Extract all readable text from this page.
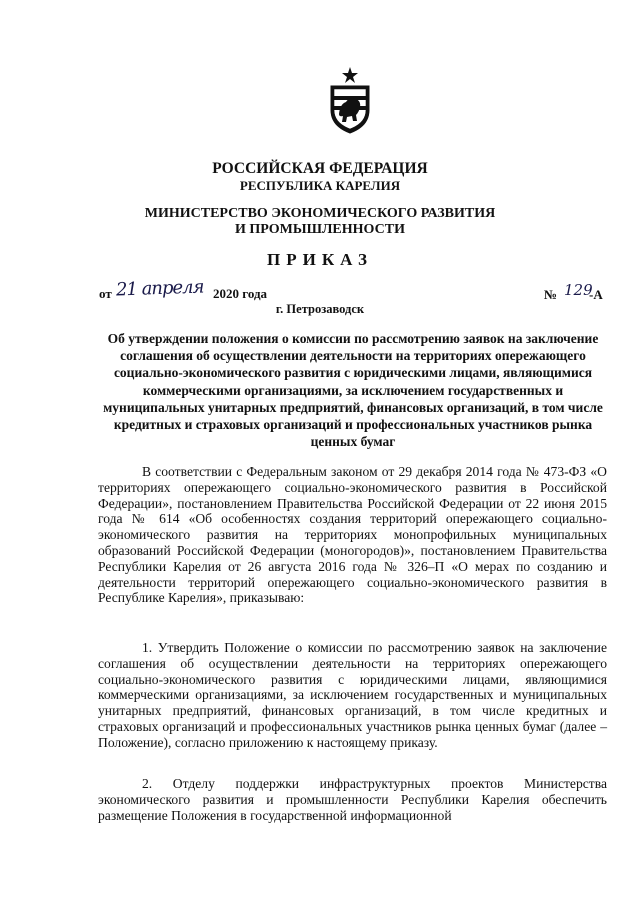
РОССИЙСКАЯ ФЕДЕРАЦИЯ
РЕСПУБЛИКА КАРЕЛИЯ
МИНИСТЕРСТВО ЭКОНОМИЧЕСКОГО РАЗВИТИЯ
И ПРОМЫШЛЕННОСТИ
ПРИКАЗ
от 21 апреля 2020 года	№ 129
-А
г. Петрозаводск
Об утверждении положения о комиссии по рассмотрению заявок на заключение соглашения об осуществлении деятельности на территориях опережающего социально-экономического развития с юридическими лицами, являющимися коммерческими организациями, за исключением государственных и муниципальных унитарных предприятий, финансовых организаций, в том числе кредитных и страховых организаций и профессиональных участников рынка ценных бумаг

В соответствии с Федеральным законом от 29 декабря 2014 года № 473-ФЗ «О территориях опережающего социально-экономического развития в Российской Федерации», постановлением Правительства Российской Федерации от 22 июня 2015 года № 614 «Об особенностях создания территорий опережающего социально-экономического развития на территориях монопрофильных муниципальных образований Российской Федерации (моногородов)», постановлением Правительства Республики Карелия от 26 августа 2016 года № 326–П «О мерах по созданию и деятельности территорий опережающего социально-экономического развития в Республике Карелия», приказываю:

1. Утвердить Положение о комиссии по рассмотрению заявок на заключение соглашения об осуществлении деятельности на территориях опережающего социально-экономического развития с юридическими лицами, являющимися коммерческими организациями, за исключением государственных и муниципальных унитарных предприятий, финансовых организаций, в том числе кредитных и страховых организаций и профессиональных участников рынка ценных бумаг (далее – Положение), согласно приложению к настоящему приказу.

2. Отделу поддержки инфраструктурных проектов Министерства экономического развития и промышленности Республики Карелия обеспечить размещение Положения в государственной информационной
